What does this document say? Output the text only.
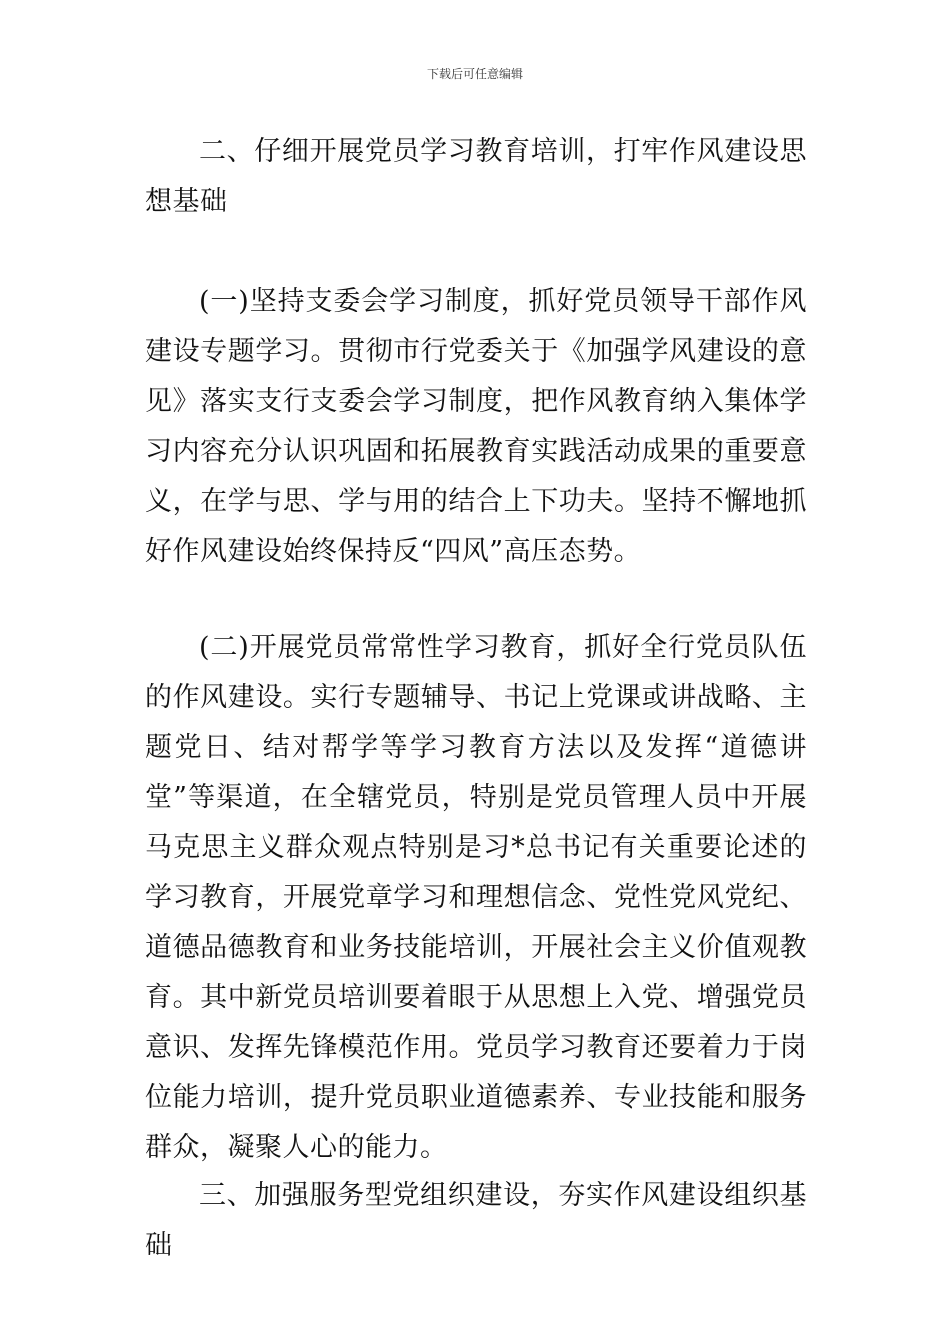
下载后可任意编辑

二、仔细开展党员学习教育培训，打牢作风建设思想基础

(一)坚持支委会学习制度，抓好党员领导干部作风建设专题学习。贯彻市行党委关于《加强学风建设的意见》落实支行支委会学习制度，把作风教育纳入集体学习内容充分认识巩固和拓展教育实践活动成果的重要意义，在学与思、学与用的结合上下功夫。坚持不懈地抓好作风建设始终保持反“四风”高压态势。

(二)开展党员常常性学习教育，抓好全行党员队伍的作风建设。实行专题辅导、书记上党课或讲战略、主题党日、结对帮学等学习教育方法以及发挥“道德讲堂”等渠道，在全辖党员，特别是党员管理人员中开展马克思主义群众观点特别是习*总书记有关重要论述的学习教育，开展党章学习和理想信念、党性党风党纪、道德品德教育和业务技能培训，开展社会主义价值观教育。其中新党员培训要着眼于从思想上入党、增强党员意识、发挥先锋模范作用。党员学习教育还要着力于岗位能力培训，提升党员职业道德素养、专业技能和服务群众，凝聚人心的能力。

三、加强服务型党组织建设，夯实作风建设组织基础
